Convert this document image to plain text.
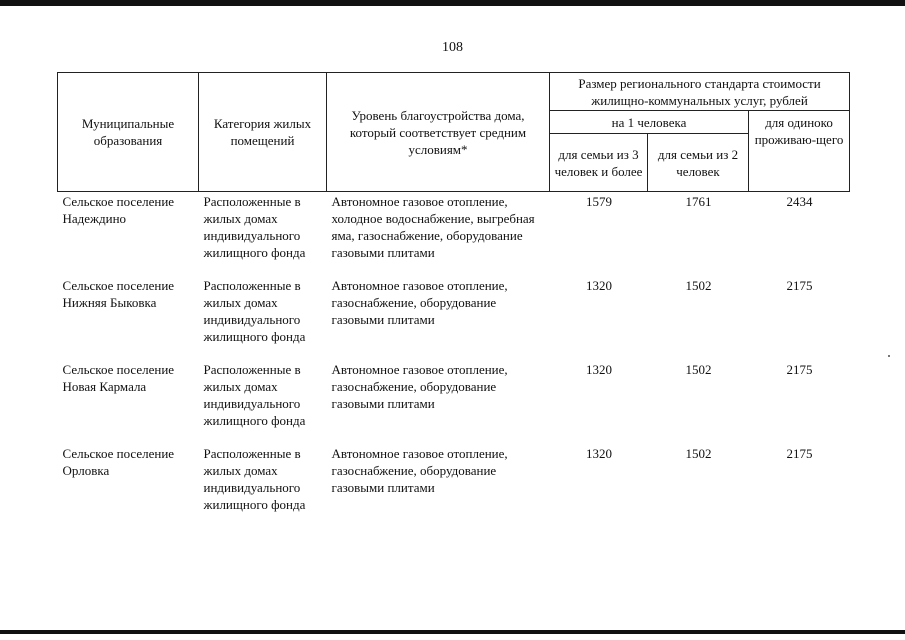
108
Муниципальные образования	Категория жилых помещений	Уровень благоустройства дома, который соответствует средним условиям*	Размер регионального стандарта стоимости жилищно-коммунальных услуг, рублей		
			на 1 человека		для одиноко проживаю-щего
			для семьи из 3 человек и более	для семьи из 2 человек	
Сельское поселение Надеждино	Расположенные в жилых домах индивидуального жилищного фонда	Автономное газовое отопление, холодное водоснабжение, выгребная яма, газоснабжение, оборудование газовыми плитами	1579	1761	2434
Сельское поселение Нижняя Быковка	Расположенные в жилых домах индивидуального жилищного фонда	Автономное газовое отопление, газоснабжение, оборудование газовыми плитами	1320	1502	2175
Сельское поселение Новая Кармала	Расположенные в жилых домах индивидуального жилищного фонда	Автономное газовое отопление, газоснабжение, оборудование газовыми плитами	1320	1502	2175
Сельское поселение Орловка	Расположенные в жилых домах индивидуального жилищного фонда	Автономное газовое отопление, газоснабжение, оборудование газовыми плитами	1320	1502	2175
